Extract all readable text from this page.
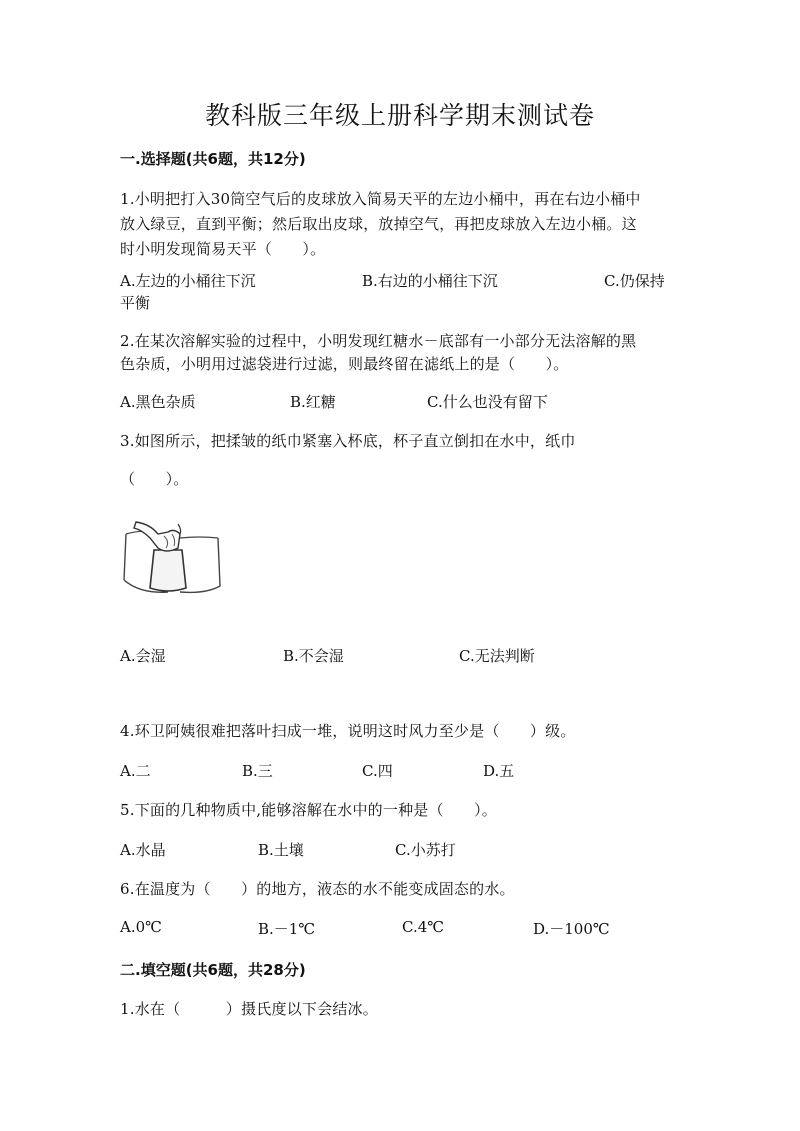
教科版三年级上册科学期末测试卷
一.选择题(共6题，共12分)
1.小明把打入30筒空气后的皮球放入简易天平的左边小桶中，再在右边小桶中
放入绿豆，直到平衡；然后取出皮球，放掉空气，再把皮球放入左边小桶。这
时小明发现简易天平（　　）。
A.左边的小桶往下沉	B.右边的小桶往下沉	C.仍保持
平衡
2.在某次溶解实验的过程中，小明发现红糖水－底部有一小部分无法溶解的黑
色杂质，小明用过滤袋进行过滤，则最终留在滤纸上的是（　　）。
A.黑色杂质	B.红糖	C.什么也没有留下
3.如图所示，把揉皱的纸巾紧塞入杯底，杯子直立倒扣在水中，纸巾
（　　）。
A.会湿	B.不会湿	C.无法判断
4.环卫阿姨很难把落叶扫成一堆，说明这时风力至少是（　　）级。
A.二	B.三	C.四	D.五
5.下面的几种物质中,能够溶解在水中的一种是（　　）。
A.水晶	B.土壤	C.小苏打
6.在温度为（　　）的地方，液态的水不能变成固态的水。
A.0℃	B.－1℃	C.4℃	D.－100℃
二.填空题(共6题，共28分)
1.水在（　　　）摄氏度以下会结冰。
